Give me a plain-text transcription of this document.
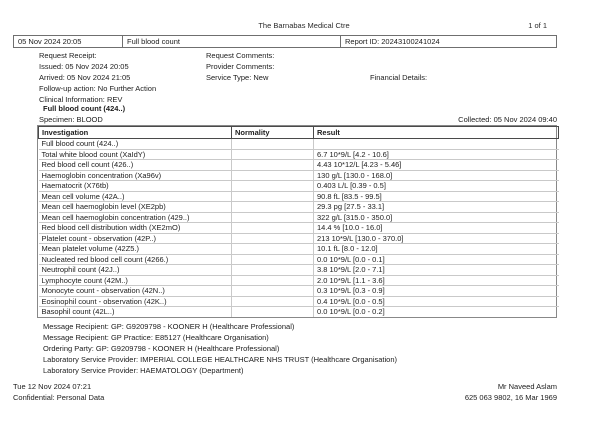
The Barnabas Medical Ctre	1 of 1
05 Nov 2024 20:05	Full blood count	Report ID: 20243100241024
Request Receipt:
Issued: 05 Nov 2024 20:05
Arrived: 05 Nov 2024 21:05
Follow-up action: No Further Action
Clinical Information: REV
Request Comments:
Provider Comments:
Service Type: New	Financial Details:
Full blood count (424..)
Specimen: BLOOD	Collected: 05 Nov 2024 09:40
Investigation	Normality	Result
Full blood count (424..)		
Total white blood count (XaIdY)		6.7 10*9/L [4.2 - 10.6]
Red blood cell count (426..)		4.43 10*12/L [4.23 - 5.46]
Haemoglobin concentration (Xa96v)		130 g/L [130.0 - 168.0]
Haematocrit (X76tb)		0.403 L/L [0.39 - 0.5]
Mean cell volume (42A..)		90.8 fL [83.5 - 99.5]
Mean cell haemoglobin level (XE2pb)		29.3 pg [27.5 - 33.1]
Mean cell haemoglobin concentration (429..)		322 g/L [315.0 - 350.0]
Red blood cell distribution width (XE2mO)		14.4 % [10.0 - 16.0]
Platelet count - observation (42P..)		213 10*9/L [130.0 - 370.0]
Mean platelet volume (42Z5.)		10.1 fL [8.0 - 12.0]
Nucleated red blood cell count (4266.)		0.0 10*9/L [0.0 - 0.1]
Neutrophil count (42J..)		3.8 10*9/L [2.0 - 7.1]
Lymphocyte count (42M..)		2.0 10*9/L [1.1 - 3.6]
Monocyte count - observation (42N..)		0.3 10*9/L [0.3 - 0.9]
Eosinophil count - observation (42K..)		0.4 10*9/L [0.0 - 0.5]
Basophil count (42L..)		0.0 10*9/L [0.0 - 0.2]
Message Recipient: GP: G9209798 - KOONER H (Healthcare Professional)
Message Recipient: GP Practice: E85127 (Healthcare Organisation)
Ordering Party: GP: G9209798 - KOONER H (Healthcare Professional)
Laboratory Service Provider: IMPERIAL COLLEGE HEALTHCARE NHS TRUST (Healthcare Organisation)
Laboratory Service Provider: HAEMATOLOGY (Department)
Tue 12 Nov 2024 07:21
Confidential: Personal Data
Mr Naveed Aslam
625 063 9802, 16 Mar 1969
